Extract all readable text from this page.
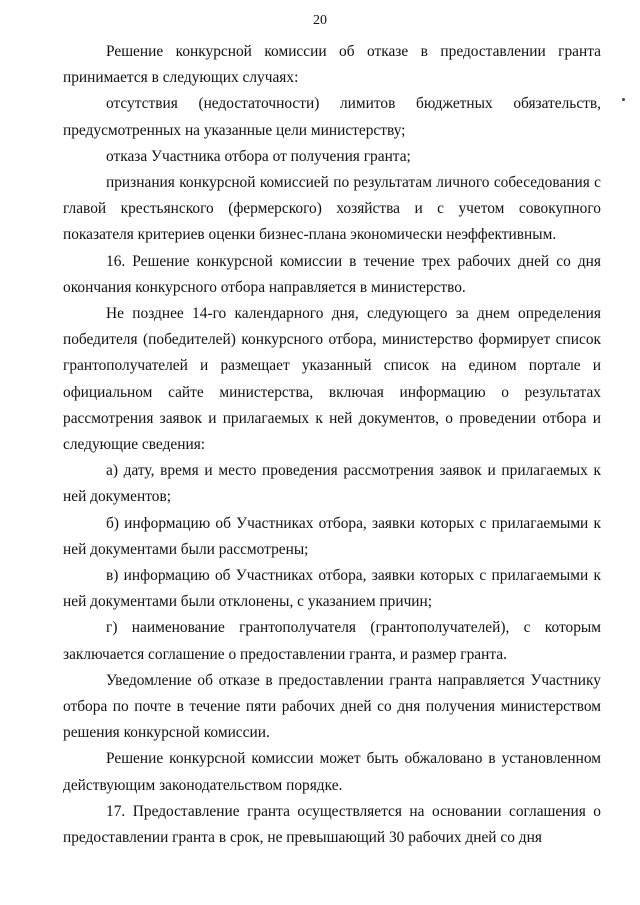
20

Решение конкурсной комиссии об отказе в предоставлении гранта принимается в следующих случаях:

отсутствия (недостаточности) лимитов бюджетных обязательств, предусмотренных на указанные цели министерству;

отказа Участника отбора от получения гранта;

признания конкурсной комиссией по результатам личного собеседования с главой крестьянского (фермерского) хозяйства и с учетом совокупного показателя критериев оценки бизнес-плана экономически неэффективным.

16. Решение конкурсной комиссии в течение трех рабочих дней со дня окончания конкурсного отбора направляется в министерство.

Не позднее 14-го календарного дня, следующего за днем определения победителя (победителей) конкурсного отбора, министерство формирует список грантополучателей и размещает указанный список на едином портале и официальном сайте министерства, включая информацию о результатах рассмотрения заявок и прилагаемых к ней документов, о проведении отбора и следующие сведения:

а) дату, время и место проведения рассмотрения заявок и прилагаемых к ней документов;

б) информацию об Участниках отбора, заявки которых с прилагаемыми к ней документами были рассмотрены;

в) информацию об Участниках отбора, заявки которых с прилагаемыми к ней документами были отклонены, с указанием причин;

г) наименование грантополучателя (грантополучателей), с которым заключается соглашение о предоставлении гранта, и размер гранта.

Уведомление об отказе в предоставлении гранта направляется Участнику отбора по почте в течение пяти рабочих дней со дня получения министерством решения конкурсной комиссии.

Решение конкурсной комиссии может быть обжаловано в установленном действующим законодательством порядке.

17. Предоставление гранта осуществляется на основании соглашения о предоставлении гранта в срок, не превышающий 30 рабочих дней со дня
